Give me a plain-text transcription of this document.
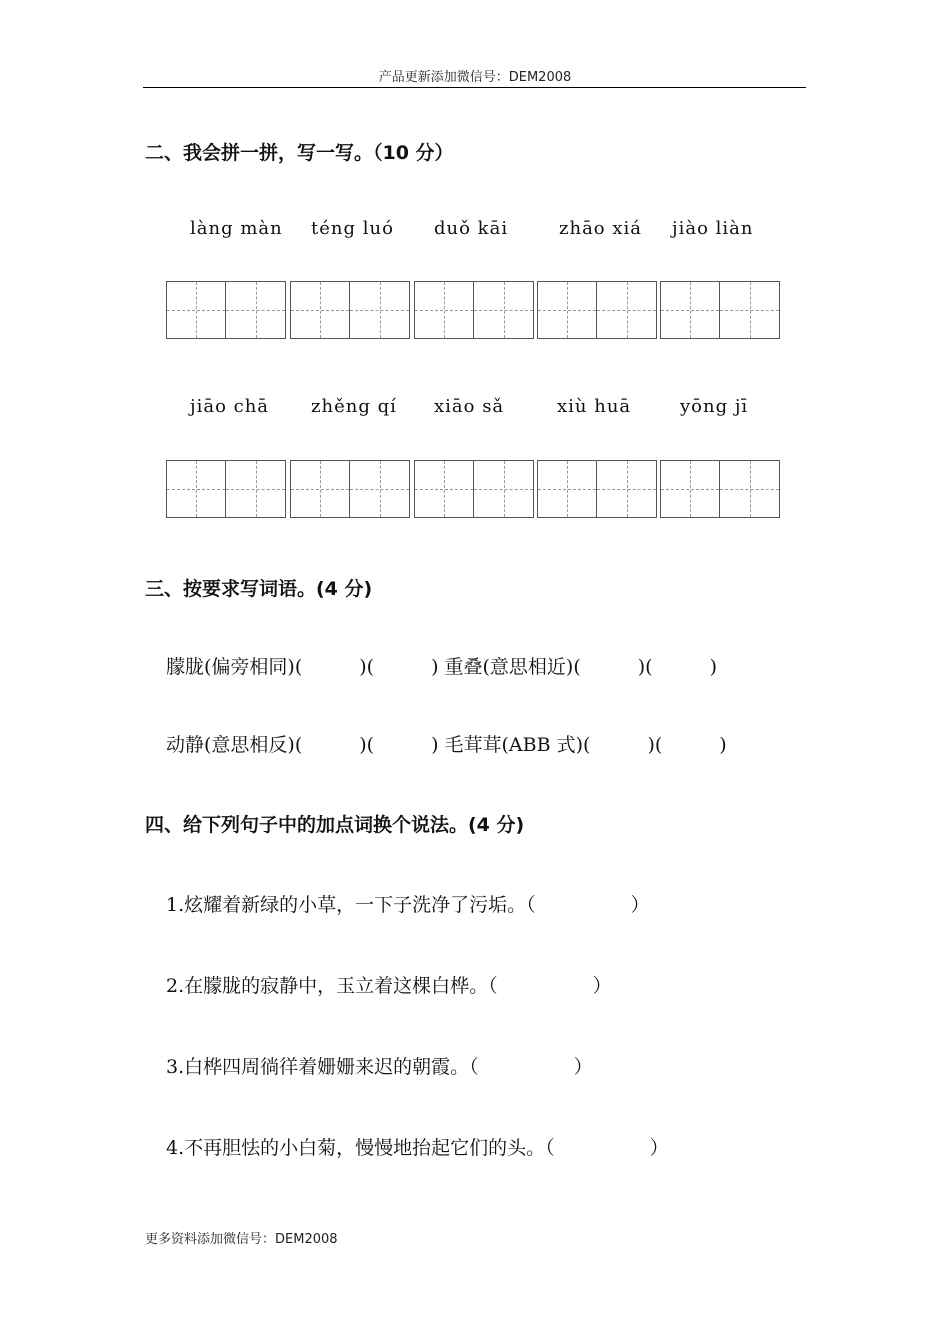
产品更新添加微信号：DEM2008
二、我会拼一拼，写一写。（10 分）
làng màn téng luó duǒ kāi	zhāo xiá jiào liàn
jiāo chā zhěng qí xiāo sǎ	xiù huā	yōng jī
三、按要求写词语。(4 分)
朦胧(偏旁相同)(　　　)(　　　) 重叠(意思相近)(　　　)(　　　)
动静(意思相反)(　　　)(　　　) 毛茸茸(ABB 式)(　　　)(　　　)
四、给下列句子中的加点词换个说法。(4 分)
1.炫耀着新绿的小草，一下子洗净了污垢。（　　　　　）
2.在朦胧的寂静中，玉立着这棵白桦。（　　　　　）
3.白桦四周徜徉着姗姗来迟的朝霞。（　　　　　）
4.不再胆怯的小白菊，慢慢地抬起它们的头。（　　　　　）
更多资料添加微信号：DEM2008
